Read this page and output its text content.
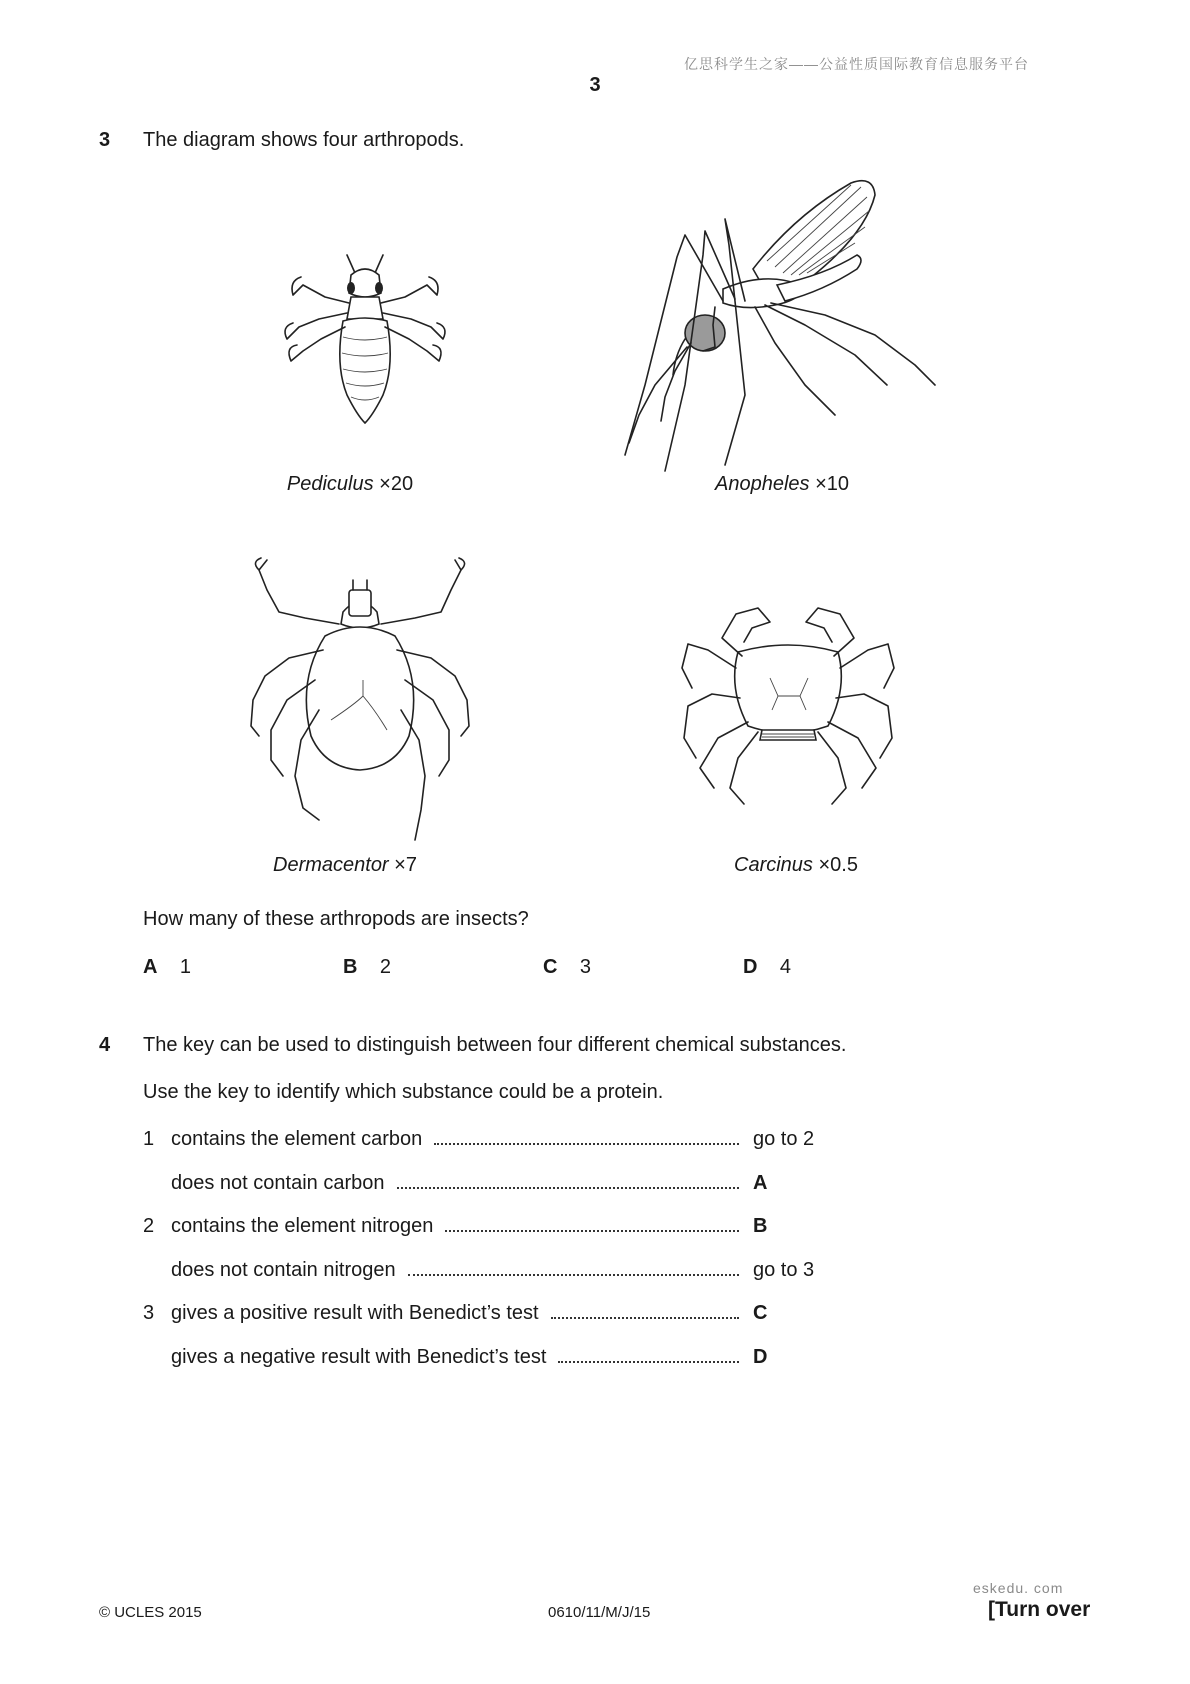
亿思科学生之家——公益性质国际教育信息服务平台
3
3 The diagram shows four arthropods.
Pediculus ×20	Anopheles ×10
Dermacentor ×7	Carcinus ×0.5
How many of these arthropods are insects?
A 1	B 2	C 3	D 4
4 The key can be used to distinguish between four different chemical substances.
Use the key to identify which substance could be a protein.
1 contains the element carbon	go to 2
does not contain carbon	A
2 contains the element nitrogen	B
does not contain nitrogen	go to 3
3 gives a positive result with Benedict’s test	C
gives a negative result with Benedict’s test	D
eskedu. com
© UCLES 2015	0610/11/M/J/15	[Turn over
